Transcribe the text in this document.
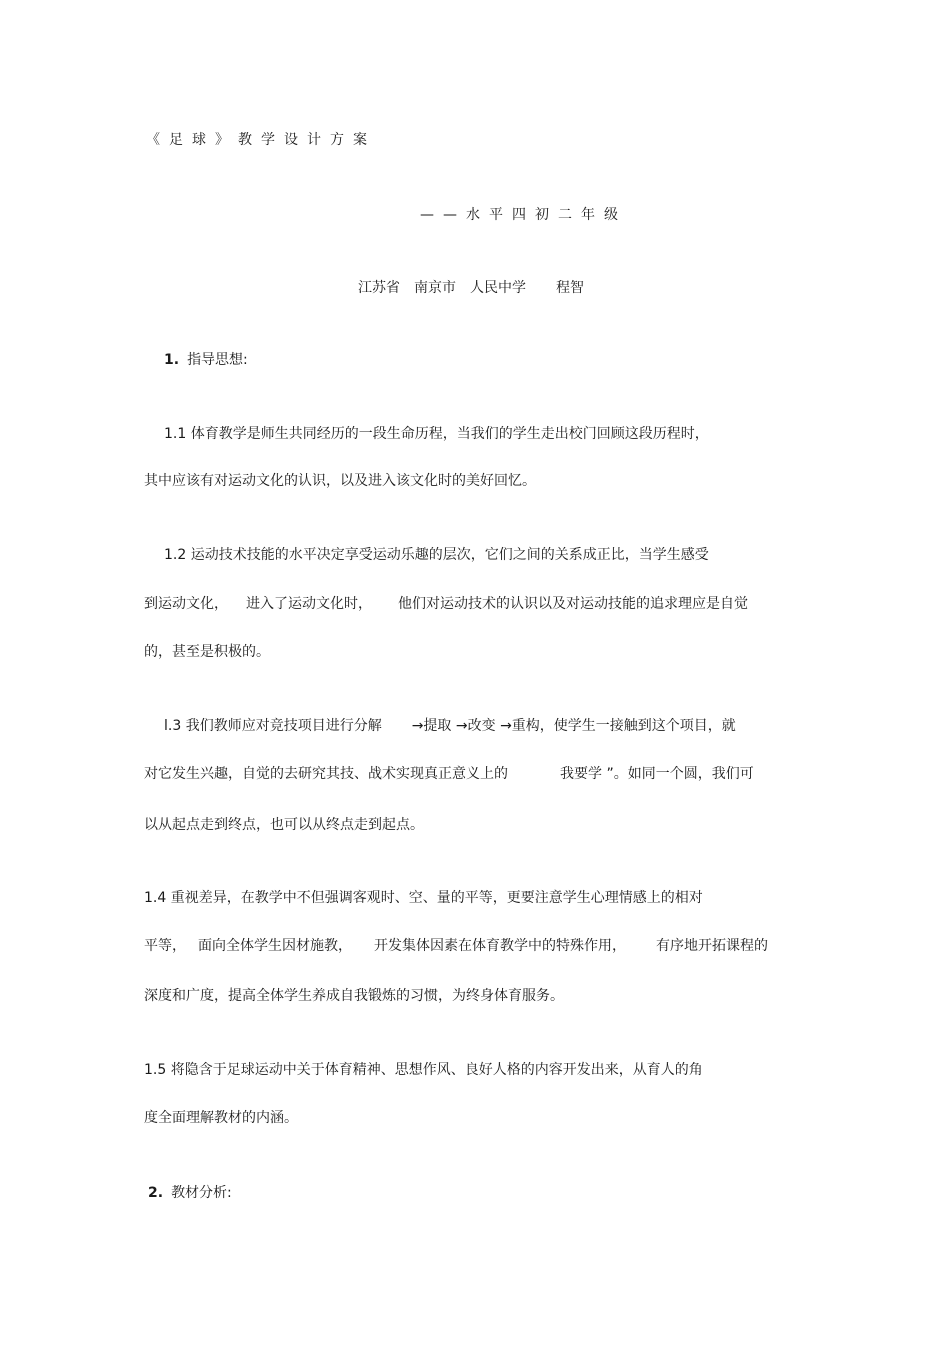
《足球》教学设计方案
——水平四初二年级
江苏省 南京市 人民中学 程智
1. 指导思想:
1.1 体育教学是师生共同经历的一段生命历程，当我们的学生走出校门回顾这段历程时，
其中应该有对运动文化的认识，以及进入该文化时的美好回忆。
1.2 运动技术技能的水平决定享受运动乐趣的层次，它们之间的关系成正比，当学生感受
到运动文化， 进入了运动文化时， 他们对运动技术的认识以及对运动技能的追求理应是自觉
的，甚至是积极的。
l.3 我们教师应对竞技项目进行分解 →提取 →改变 →重构，使学生一接触到这个项目，就
对它发生兴趣，自觉的去研究其技、战术实现真正意义上的	我要学 ”。如同一个圆，我们可
以从起点走到终点，也可以从终点走到起点。
1.4 重视差异，在教学中不但强调客观时、空、量的平等，更要注意学生心理情感上的相对
平等， 面向全体学生因材施教， 开发集体因素在体育教学中的特殊作用， 有序地开拓课程的
深度和广度，提高全体学生养成自我锻炼的习惯，为终身体育服务。
1.5 将隐含于足球运动中关于体育精神、思想作风、良好人格的内容开发出来，从育人的角
度全面理解教材的内涵。
2. 教材分析:
